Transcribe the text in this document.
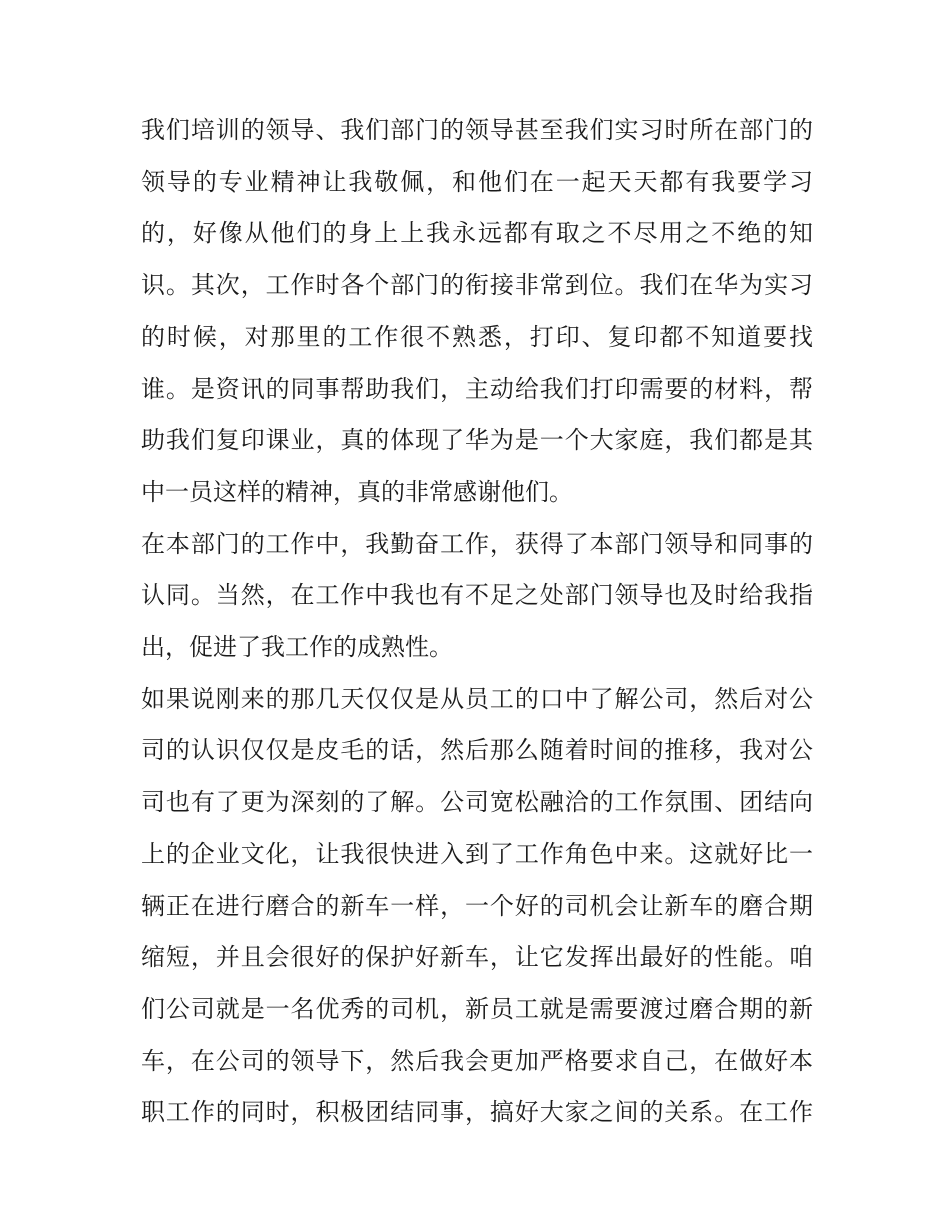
我们培训的领导、我们部门的领导甚至我们实习时所在部门的
领导的专业精神让我敬佩，和他们在一起天天都有我要学习
的，好像从他们的身上上我永远都有取之不尽用之不绝的知
识。其次，工作时各个部门的衔接非常到位。我们在华为实习
的时候，对那里的工作很不熟悉，打印、复印都不知道要找
谁。是资讯的同事帮助我们，主动给我们打印需要的材料，帮
助我们复印课业，真的体现了华为是一个大家庭，我们都是其
中一员这样的精神，真的非常感谢他们。
在本部门的工作中，我勤奋工作，获得了本部门领导和同事的
认同。当然，在工作中我也有不足之处部门领导也及时给我指
出，促进了我工作的成熟性。
如果说刚来的那几天仅仅是从员工的口中了解公司，然后对公
司的认识仅仅是皮毛的话，然后那么随着时间的推移，我对公
司也有了更为深刻的了解。公司宽松融洽的工作氛围、团结向
上的企业文化，让我很快进入到了工作角色中来。这就好比一
辆正在进行磨合的新车一样，一个好的司机会让新车的磨合期
缩短，并且会很好的保护好新车，让它发挥出最好的性能。咱
们公司就是一名优秀的司机，新员工就是需要渡过磨合期的新
车，在公司的领导下，然后我会更加严格要求自己，在做好本
职工作的同时，积极团结同事，搞好大家之间的关系。在工作
